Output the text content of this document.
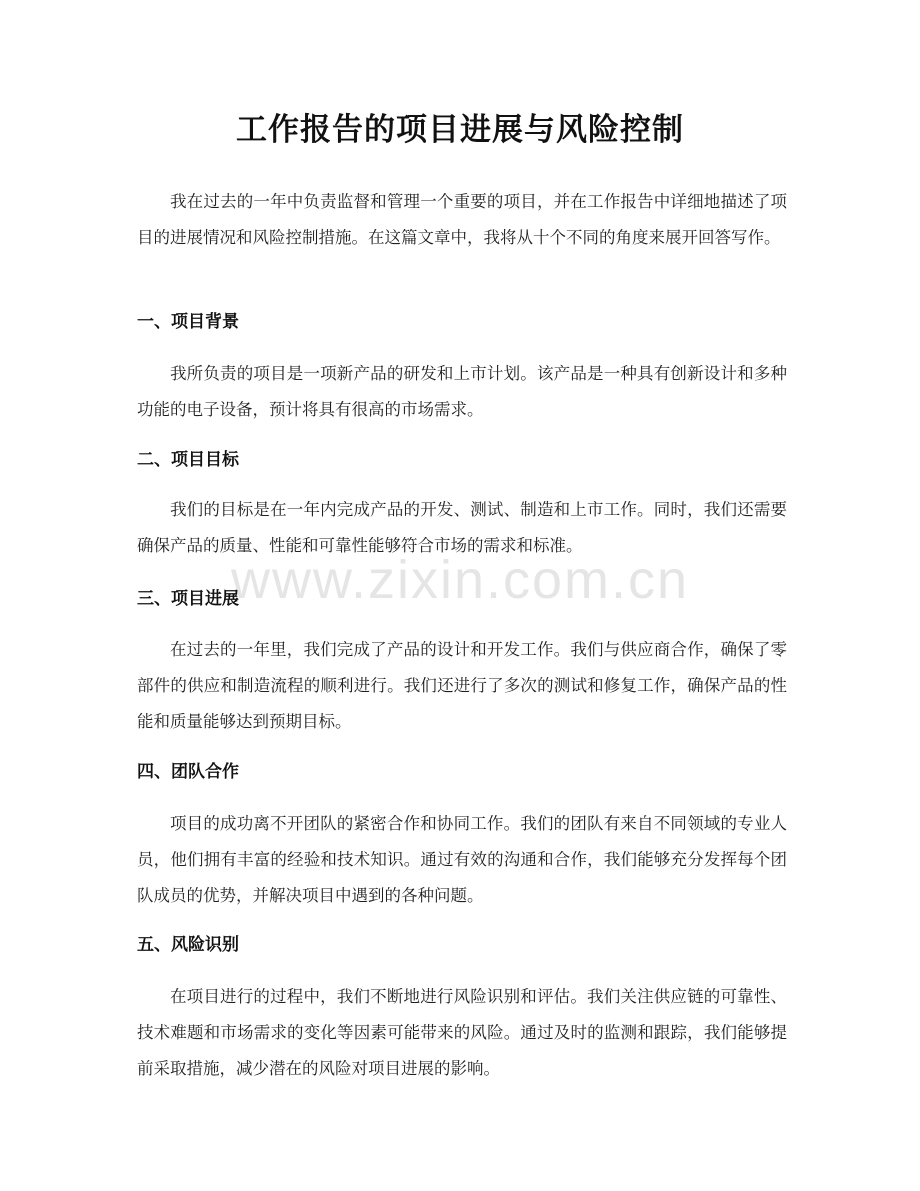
工作报告的项目进展与风险控制

我在过去的一年中负责监督和管理一个重要的项目，并在工作报告中详细地描述了项目的进展情况和风险控制措施。在这篇文章中，我将从十个不同的角度来展开回答写作。

一、项目背景

我所负责的项目是一项新产品的研发和上市计划。该产品是一种具有创新设计和多种功能的电子设备，预计将具有很高的市场需求。

二、项目目标

我们的目标是在一年内完成产品的开发、测试、制造和上市工作。同时，我们还需要确保产品的质量、性能和可靠性能够符合市场的需求和标准。

三、项目进展

在过去的一年里，我们完成了产品的设计和开发工作。我们与供应商合作，确保了零部件的供应和制造流程的顺利进行。我们还进行了多次的测试和修复工作，确保产品的性能和质量能够达到预期目标。

四、团队合作

项目的成功离不开团队的紧密合作和协同工作。我们的团队有来自不同领域的专业人员，他们拥有丰富的经验和技术知识。通过有效的沟通和合作，我们能够充分发挥每个团队成员的优势，并解决项目中遇到的各种问题。

五、风险识别

在项目进行的过程中，我们不断地进行风险识别和评估。我们关注供应链的可靠性、技术难题和市场需求的变化等因素可能带来的风险。通过及时的监测和跟踪，我们能够提前采取措施，减少潜在的风险对项目进展的影响。

www.zixin.com.cn
